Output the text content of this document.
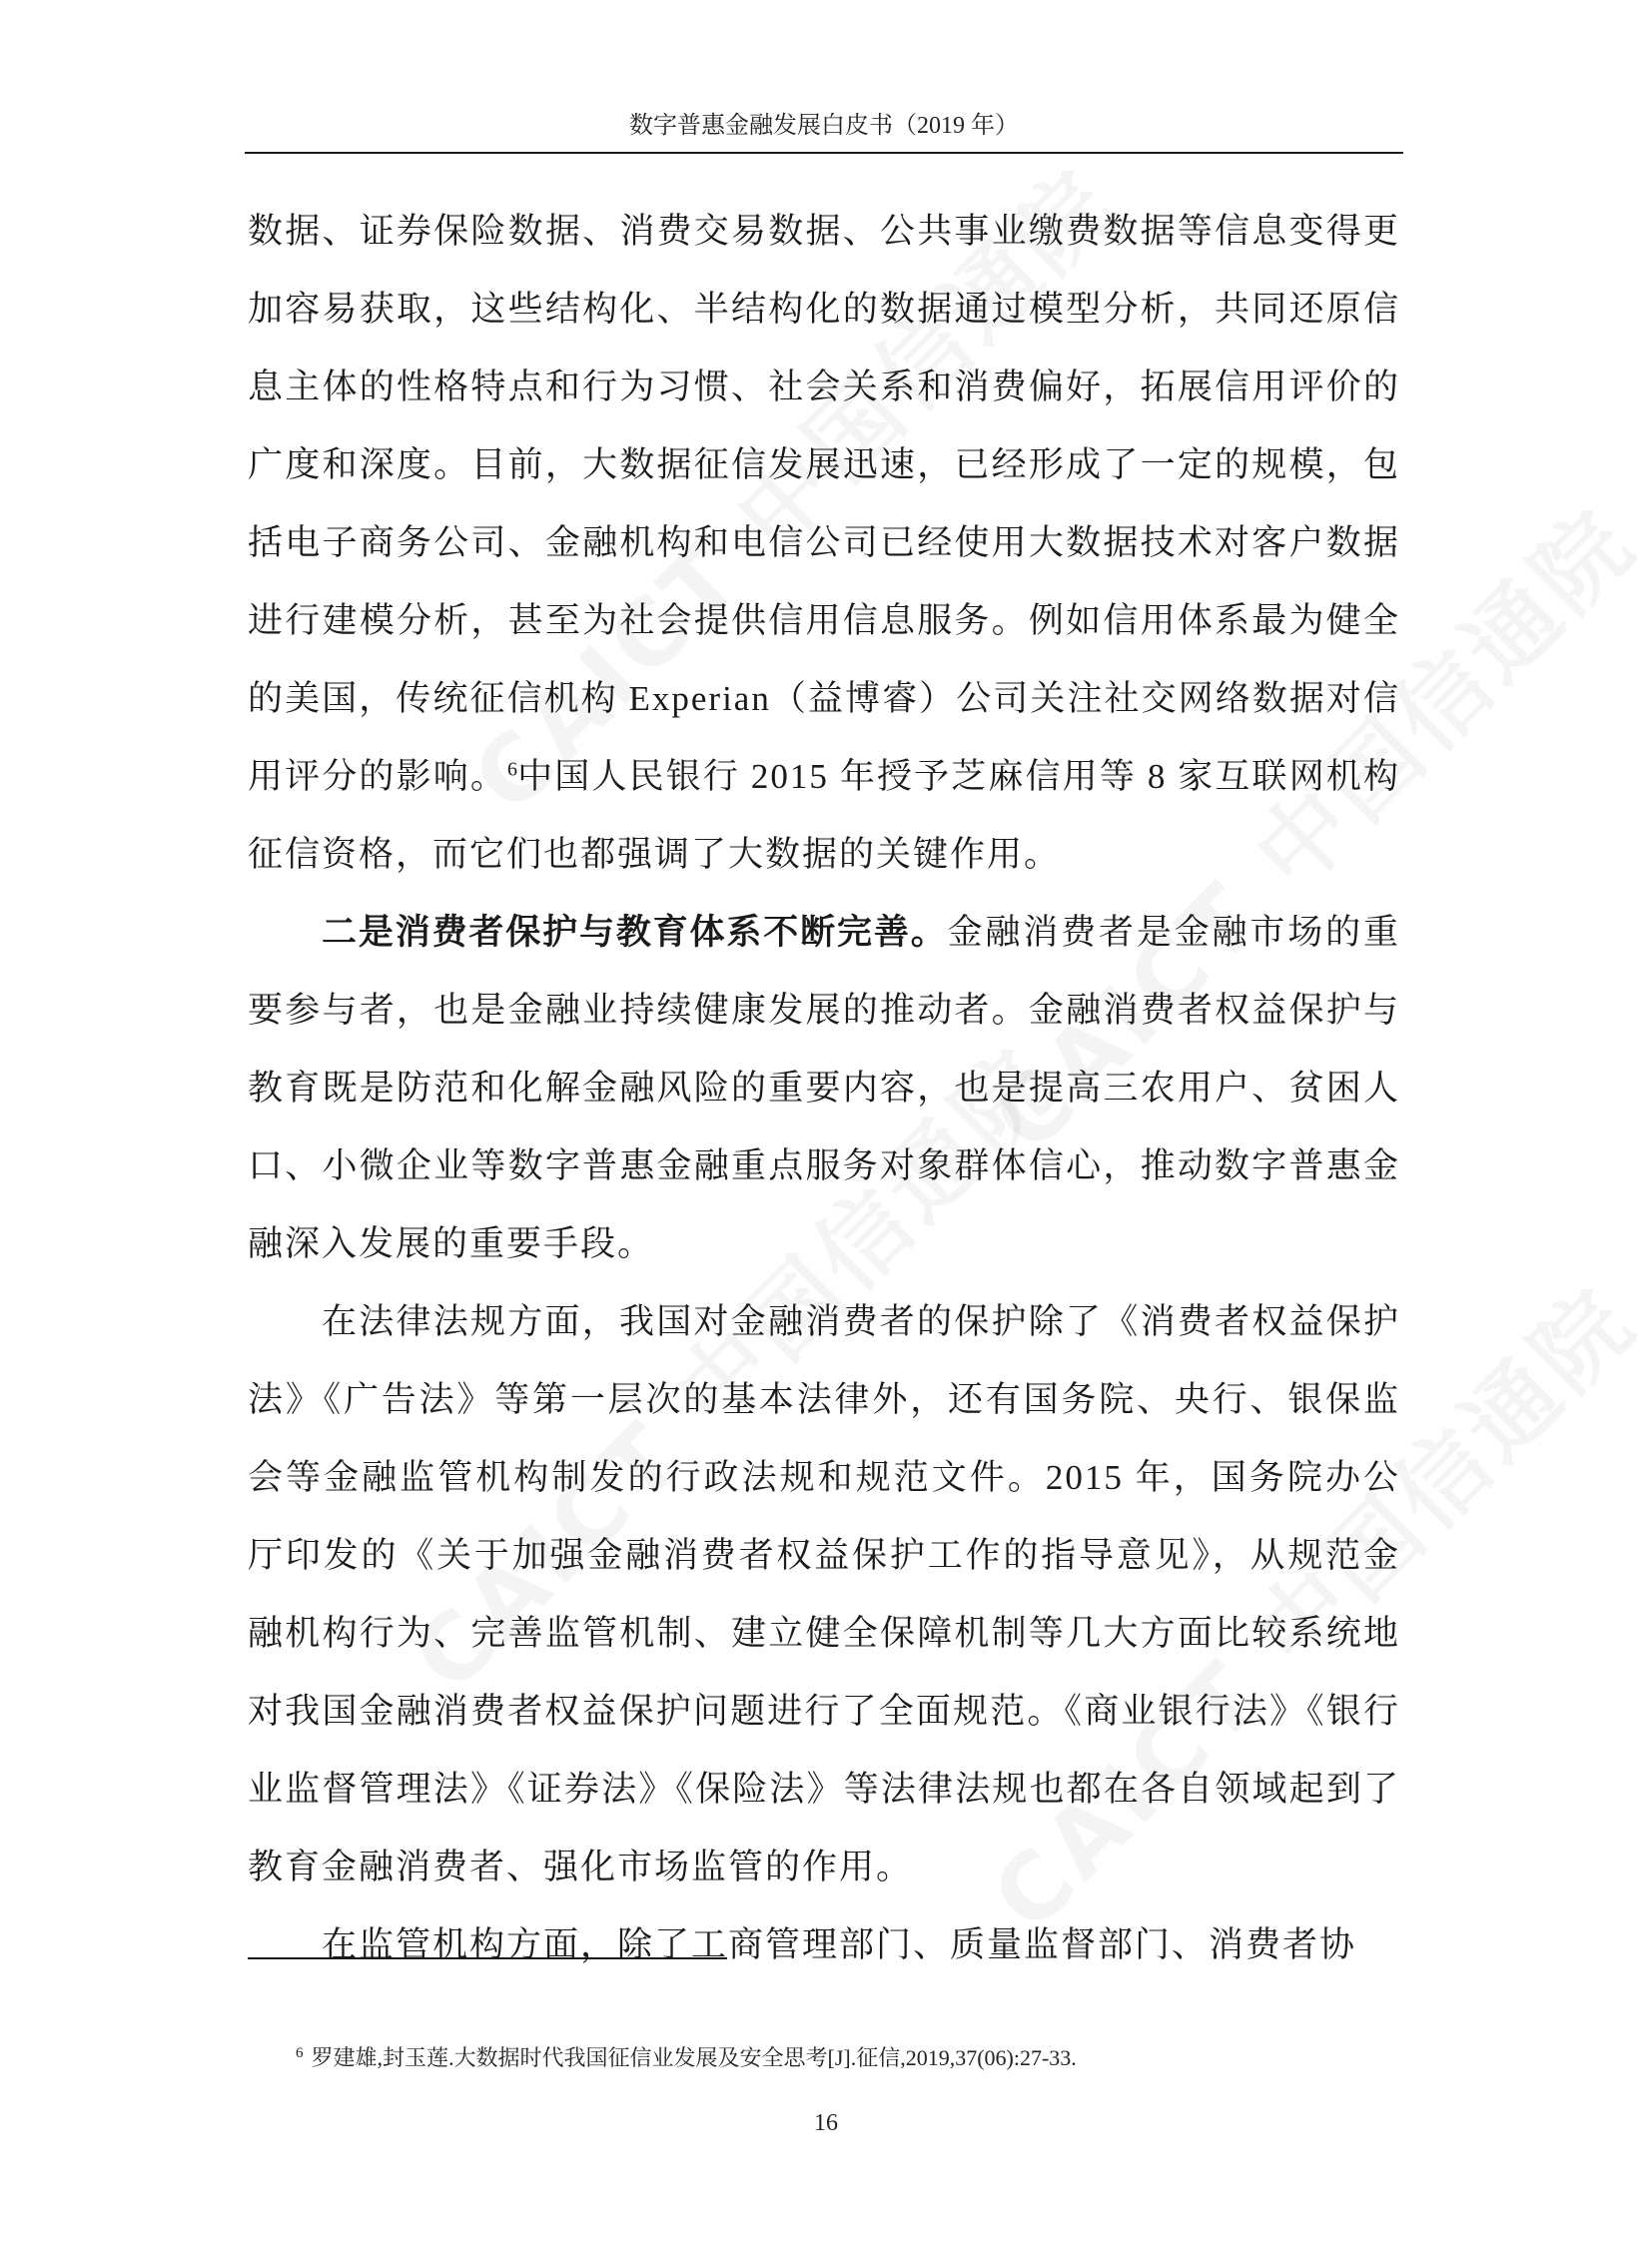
数字普惠金融发展白皮书（2019 年）

数据、证券保险数据、消费交易数据、公共事业缴费数据等信息变得更加容易获取，这些结构化、半结构化的数据通过模型分析，共同还原信息主体的性格特点和行为习惯、社会关系和消费偏好，拓展信用评价的广度和深度。目前，大数据征信发展迅速，已经形成了一定的规模，包括电子商务公司、金融机构和电信公司已经使用大数据技术对客户数据进行建模分析，甚至为社会提供信用信息服务。例如信用体系最为健全的美国，传统征信机构 Experian（益博睿）公司关注社交网络数据对信用评分的影响。$^6$中国人民银行 2015 年授予芝麻信用等 8 家互联网机构征信资格，而它们也都强调了大数据的关键作用。

二是消费者保护与教育体系不断完善。金融消费者是金融市场的重要参与者，也是金融业持续健康发展的推动者。金融消费者权益保护与教育既是防范和化解金融风险的重要内容，也是提高三农用户、贫困人口、小微企业等数字普惠金融重点服务对象群体信心，推动数字普惠金融深入发展的重要手段。

在法律法规方面，我国对金融消费者的保护除了《消费者权益保护法》《广告法》等第一层次的基本法律外，还有国务院、央行、银保监会等金融监管机构制发的行政法规和规范文件。2015 年，国务院办公厅印发的《关于加强金融消费者权益保护工作的指导意见》，从规范金融机构行为、完善监管机制、建立健全保障机制等几大方面比较系统地对我国金融消费者权益保护问题进行了全面规范。《商业银行法》《银行业监督管理法》《证券法》《保险法》等法律法规也都在各自领域起到了教育金融消费者、强化市场监管的作用。

在监管机构方面，除了工商管理部门、质量监督部门、消费者协

$^6$ 罗建雄,封玉莲.大数据时代我国征信业发展及安全思考[J].征信,2019,37(06):27-33.
16
